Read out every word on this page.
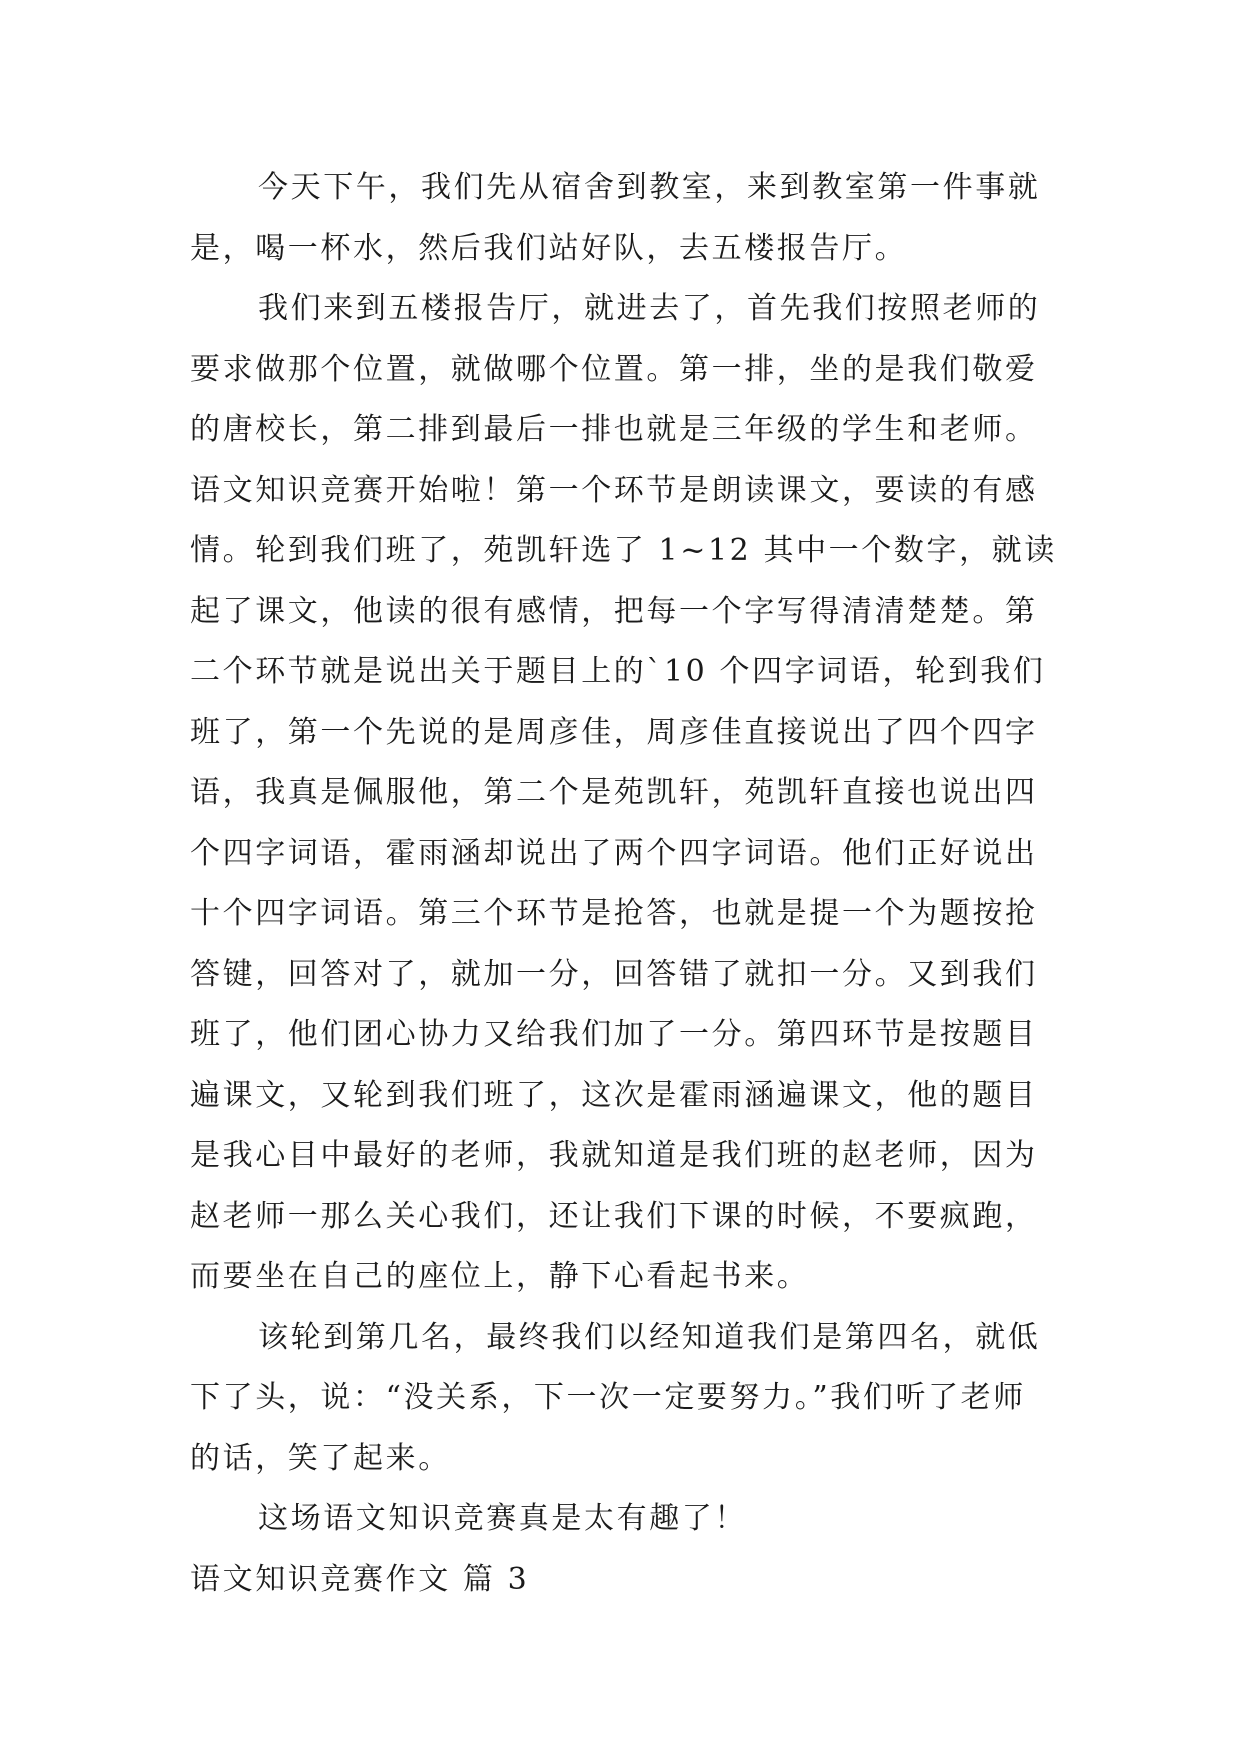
今天下午，我们先从宿舍到教室，来到教室第一件事就
是，喝一杯水，然后我们站好队，去五楼报告厅。
我们来到五楼报告厅，就进去了，首先我们按照老师的
要求做那个位置，就做哪个位置。第一排，坐的是我们敬爱
的唐校长，第二排到最后一排也就是三年级的学生和老师。
语文知识竞赛开始啦！第一个环节是朗读课文，要读的有感
情。轮到我们班了，苑凯轩选了 1~12 其中一个数字，就读
起了课文，他读的很有感情，把每一个字写得清清楚楚。第
二个环节就是说出关于题目上的`10 个四字词语，轮到我们
班了，第一个先说的是周彦佳，周彦佳直接说出了四个四字
语，我真是佩服他，第二个是苑凯轩，苑凯轩直接也说出四
个四字词语，霍雨涵却说出了两个四字词语。他们正好说出
十个四字词语。第三个环节是抢答，也就是提一个为题按抢
答键，回答对了，就加一分，回答错了就扣一分。又到我们
班了，他们团心协力又给我们加了一分。第四环节是按题目
遍课文，又轮到我们班了，这次是霍雨涵遍课文，他的题目
是我心目中最好的老师，我就知道是我们班的赵老师，因为
赵老师一那么关心我们，还让我们下课的时候，不要疯跑，
而要坐在自己的座位上，静下心看起书来。
该轮到第几名，最终我们以经知道我们是第四名，就低
下了头，说：“没关系，下一次一定要努力。”我们听了老师
的话，笑了起来。
这场语文知识竞赛真是太有趣了！
语文知识竞赛作文 篇 3
